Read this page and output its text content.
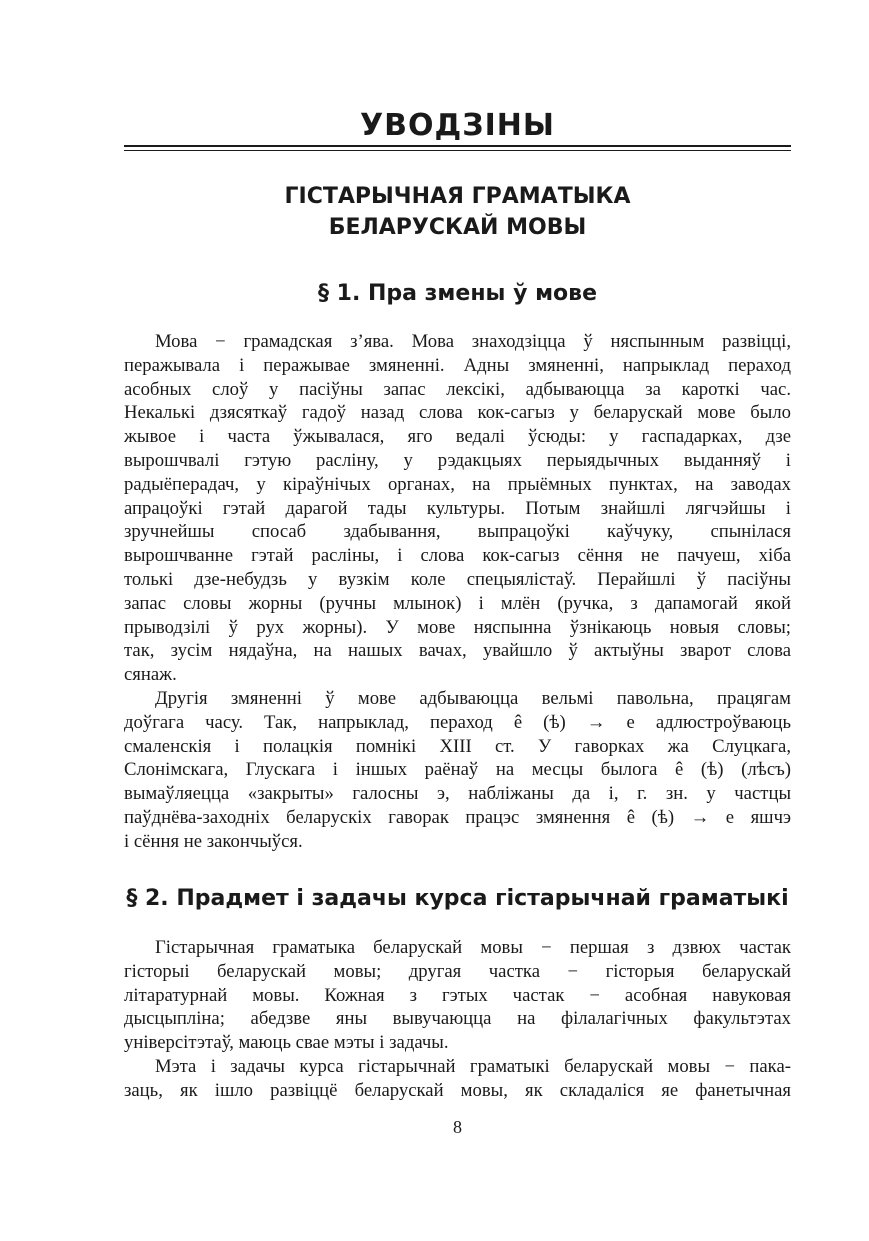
УВОДЗІНЫ
ГІСТАРЫЧНАЯ ГРАМАТЫКА
БЕЛАРУСКАЙ МОВЫ
§ 1. Пра змены ў мове
Мова − грамадская з’ява. Мова знаходзіцца ў няспынным развіцці,
перажывала і перажывае змяненні. Адны змяненні, напрыклад пераход
асобных слоў у пасіўны запас лексікі, адбываюцца за кароткі час.
Некалькі дзясяткаў гадоў назад слова кок-сагыз у беларускай мове было
жывое і часта ўжывалася, яго ведалі ўсюды: у гаспадарках, дзе
вырошчвалі гэтую расліну, у рэдакцыях перыядычных выданняў і
радыёперадач, у кіраўнічых органах, на прыёмных пунктах, на заводах
апрацоўкі гэтай дарагой тады культуры. Потым знайшлі лягчэйшы і
зручнейшы спосаб здабывання, выпрацоўкі каўчуку, спынілася
вырошчванне гэтай расліны, і слова кок-сагыз сёння не пачуеш, хіба
толькі дзе-небудзь у вузкім коле спецыялістаў. Перайшлі ў пасіўны
запас словы жорны (ручны млынок) і млён (ручка, з дапамогай якой
прыводзілі ў рух жорны). У мове няспынна ўзнікаюць новыя словы;
так, зусім нядаўна, на нашых вачах, увайшло ў актыўны зварот слова
сянаж.
Другія змяненні ў мове адбываюцца вельмі павольна, працягам
доўгага часу. Так, напрыклад, пераход ê (ѣ) → е адлюстроўваюць
смаленскія і полацкія помнікі XIII ст. У гаворках жа Слуцкага,
Слонімскага, Глускага і іншых раёнаў на месцы былога ê (ѣ) (лѣсъ)
вымаўляецца «закрыты» галосны э, набліжаны да і, г. зн. у частцы
паўднёва-заходніх беларускіх гаворак працэс змянення ê (ѣ) → е яшчэ
і сёння не закончыўся.
§ 2. Прадмет і задачы курса гістарычнай граматыкі
Гістарычная граматыка беларускай мовы − першая з дзвюх частак
гісторыі беларускай мовы; другая частка − гісторыя беларускай
літаратурнай мовы. Кожная з гэтых частак − асобная навуковая
дысцыпліна; абедзве яны вывучаюцца на філалагічных факультэтах
універсітэтаў, маюць свае мэты і задачы.
Мэта і задачы курса гістарычнай граматыкі беларускай мовы − пака-
заць, як ішло развіццё беларускай мовы, як складаліся яе фанетычная
8
